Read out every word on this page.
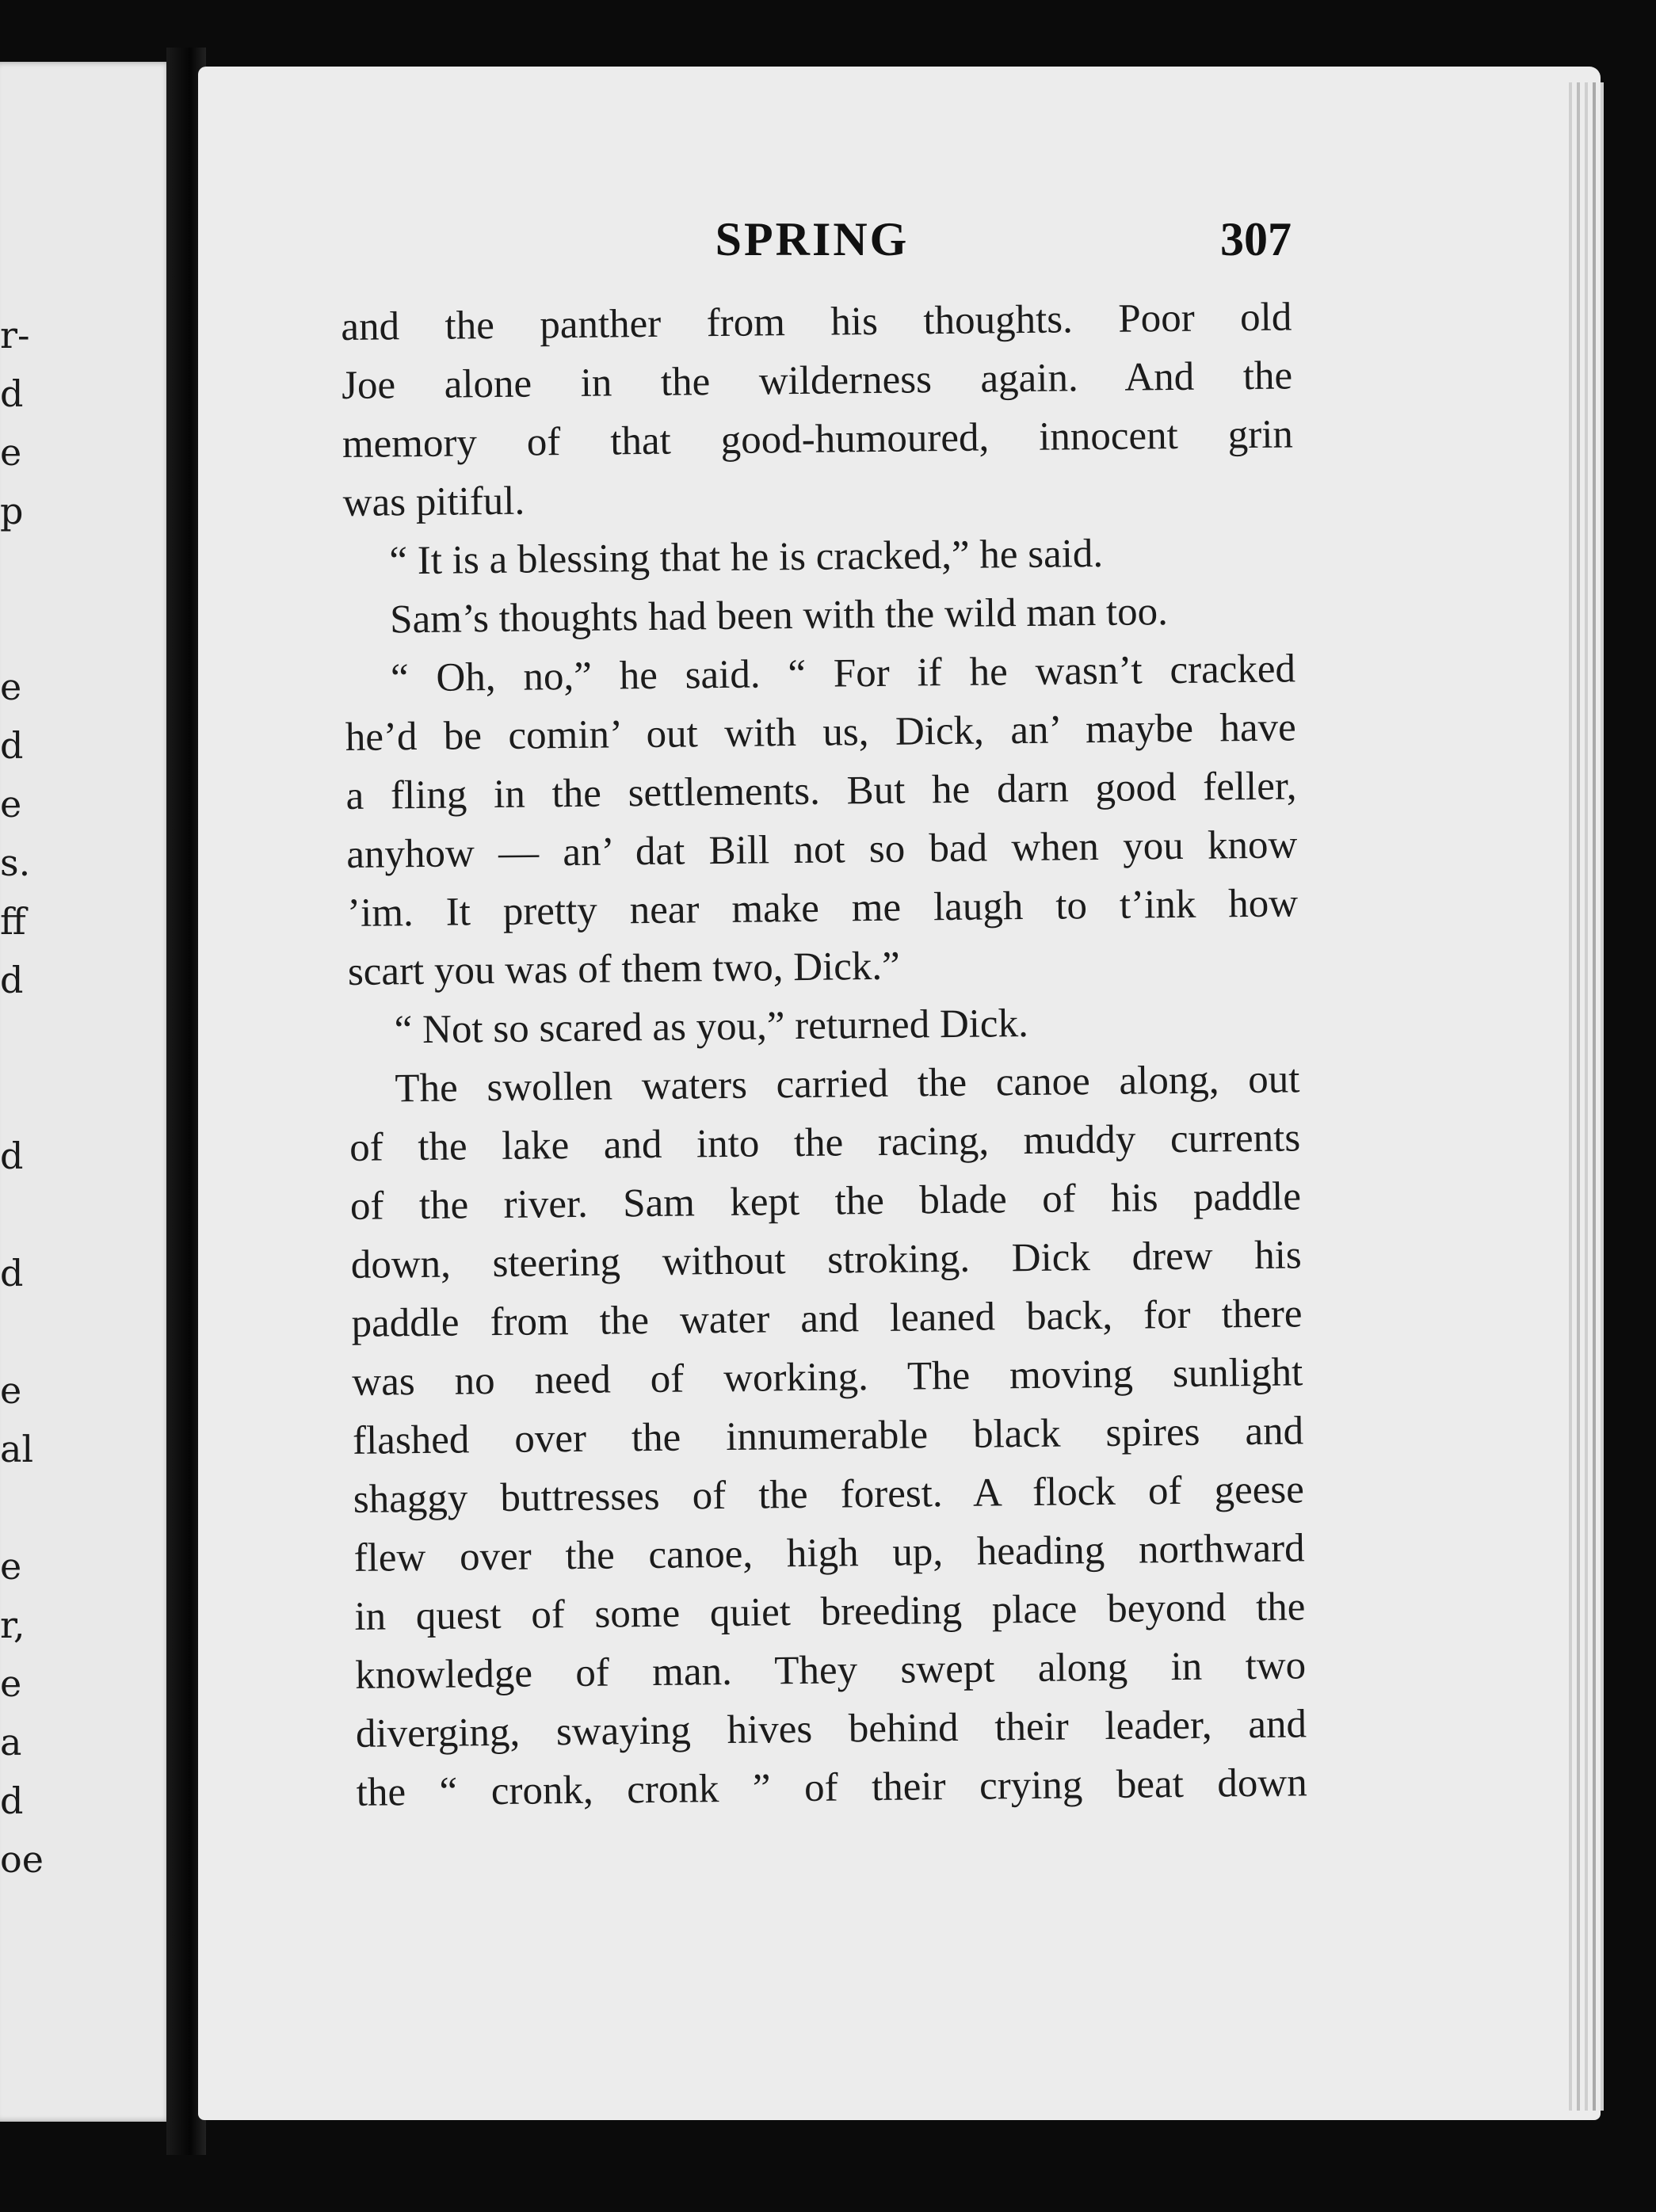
r-
d
e
p
e
d
e
s.
ff
d
d
d
e
al
e
r,
e
a
d
oe
SPRING	307
and the panther from his thoughts. Poor old
Joe alone in the wilderness again. And the
memory of that good-humoured, innocent grin
was pitiful.
“ It is a blessing that he is cracked,” he said.
Sam’s thoughts had been with the wild man too.
“ Oh, no,” he said. “ For if he wasn’t cracked
he’d be comin’ out with us, Dick, an’ maybe have
a fling in the settlements. But he darn good feller,
anyhow — an’ dat Bill not so bad when you know
’im. It pretty near make me laugh to t’ink how
scart you was of them two, Dick.”
“ Not so scared as you,” returned Dick.
The swollen waters carried the canoe along, out
of the lake and into the racing, muddy currents
of the river. Sam kept the blade of his paddle
down, steering without stroking. Dick drew his
paddle from the water and leaned back, for there
was no need of working. The moving sunlight
flashed over the innumerable black spires and
shaggy buttresses of the forest. A flock of geese
flew over the canoe, high up, heading northward
in quest of some quiet breeding place beyond the
knowledge of man. They swept along in two
diverging, swaying hives behind their leader, and
the “ cronk, cronk ” of their crying beat down
